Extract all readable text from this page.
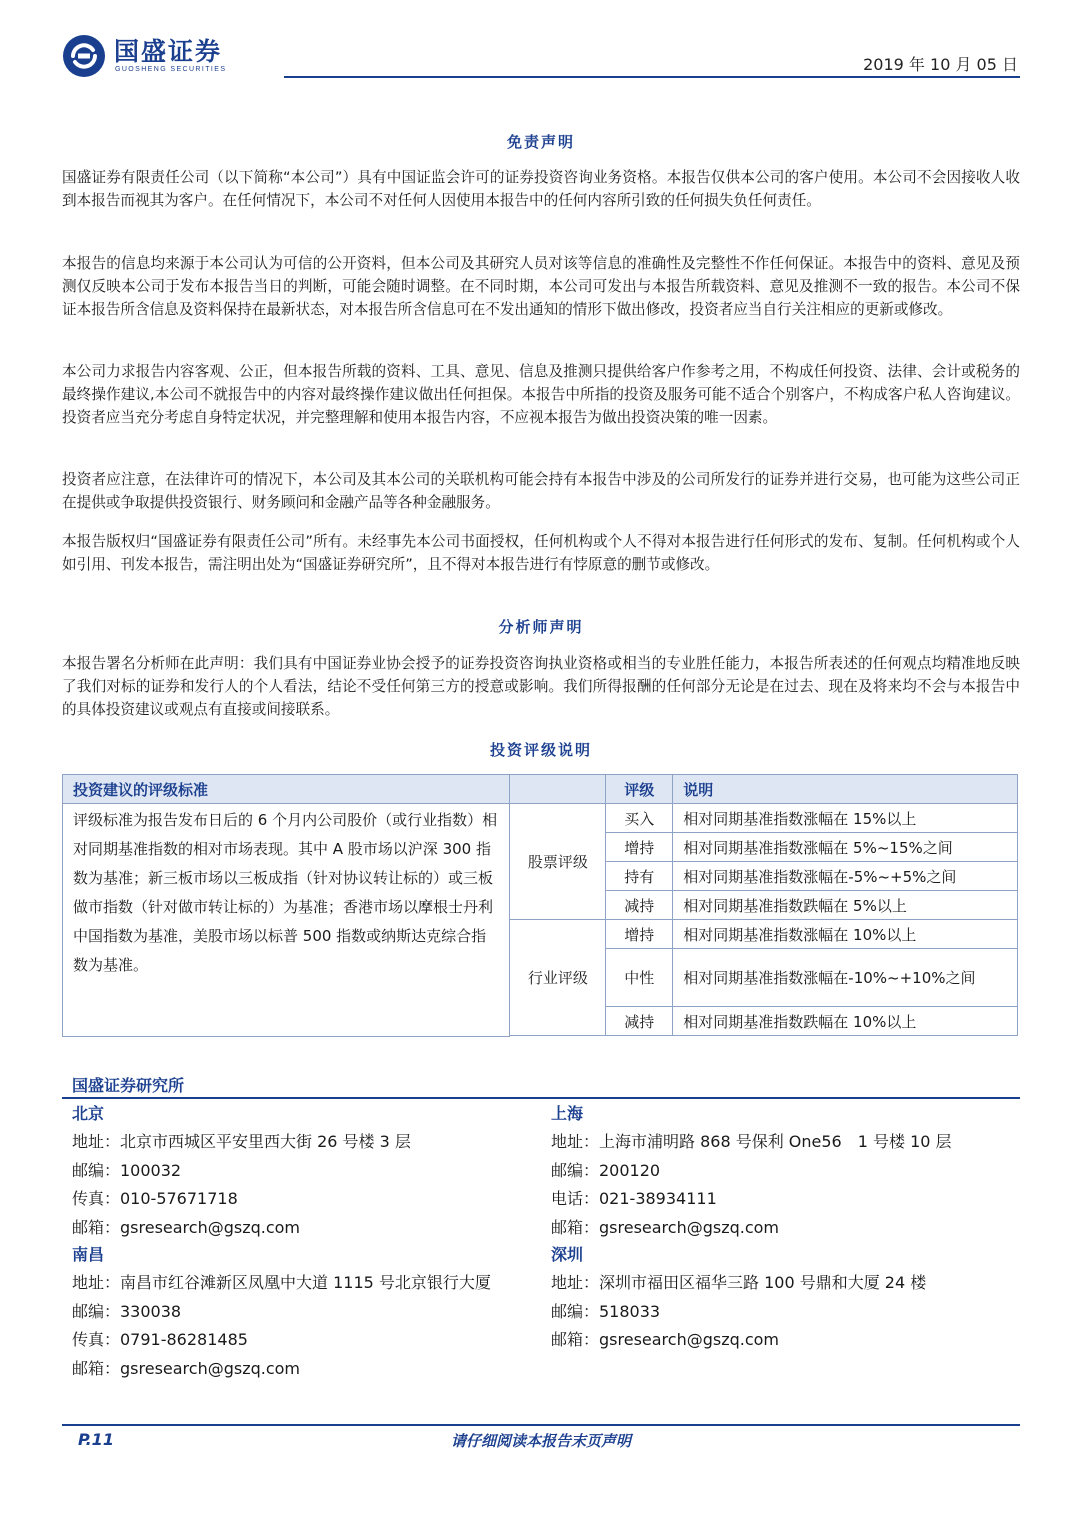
国盛证券
GUOSHENG SECURITIES	2019 年 10 月 05 日
免责声明

国盛证券有限责任公司（以下简称“本公司”）具有中国证监会许可的证券投资咨询业务资格。本报告仅供本公司的客户使用。本公司不会因接收人收到本报告而视其为客户。在任何情况下，本公司不对任何人因使用本报告中的任何内容所引致的任何损失负任何责任。

本报告的信息均来源于本公司认为可信的公开资料，但本公司及其研究人员对该等信息的准确性及完整性不作任何保证。本报告中的资料、意见及预测仅反映本公司于发布本报告当日的判断，可能会随时调整。在不同时期，本公司可发出与本报告所载资料、意见及推测不一致的报告。本公司不保证本报告所含信息及资料保持在最新状态，对本报告所含信息可在不发出通知的情形下做出修改，投资者应当自行关注相应的更新或修改。

本公司力求报告内容客观、公正，但本报告所载的资料、工具、意见、信息及推测只提供给客户作参考之用，不构成任何投资、法律、会计或税务的最终操作建议,本公司不就报告中的内容对最终操作建议做出任何担保。本报告中所指的投资及服务可能不适合个别客户，不构成客户私人咨询建议。投资者应当充分考虑自身特定状况，并完整理解和使用本报告内容，不应视本报告为做出投资决策的唯一因素。

投资者应注意，在法律许可的情况下，本公司及其本公司的关联机构可能会持有本报告中涉及的公司所发行的证券并进行交易，也可能为这些公司正在提供或争取提供投资银行、财务顾问和金融产品等各种金融服务。

本报告版权归“国盛证券有限责任公司”所有。未经事先本公司书面授权，任何机构或个人不得对本报告进行任何形式的发布、复制。任何机构或个人如引用、刊发本报告，需注明出处为“国盛证券研究所”，且不得对本报告进行有悖原意的删节或修改。

分析师声明

本报告署名分析师在此声明：我们具有中国证券业协会授予的证券投资咨询执业资格或相当的专业胜任能力，本报告所表述的任何观点均精准地反映了我们对标的证券和发行人的个人看法，结论不受任何第三方的授意或影响。我们所得报酬的任何部分无论是在过去、现在及将来均不会与本报告中的具体投资建议或观点有直接或间接联系。

投资评级说明
投资建议的评级标准		评级	说明
评级标准为报告发布日后的 6 个月内公司股价（或行业指数）相对同期基准指数的相对市场表现。其中 A 股市场以沪深 300 指数为基准；新三板市场以三板成指（针对协议转让标的）或三板做市指数（针对做市转让标的）为基准；香港市场以摩根士丹利中国指数为基准，美股市场以标普 500 指数或纳斯达克综合指数为基准。	股票评级	买入	相对同期基准指数涨幅在 15%以上
		增持	相对同期基准指数涨幅在 5%~15%之间
		持有	相对同期基准指数涨幅在-5%~+5%之间
		减持	相对同期基准指数跌幅在 5%以上
	行业评级	增持	相对同期基准指数涨幅在 10%以上
		中性	相对同期基准指数涨幅在-10%~+10%之间
		减持	相对同期基准指数跌幅在 10%以上

国盛证券研究所
北京
地址：北京市西城区平安里西大街 26 号楼 3 层
邮编：100032
传真：010-57671718
邮箱：gsresearch@gszq.com
上海
地址：上海市浦明路 868 号保利 One56　1 号楼 10 层
邮编：200120
电话：021-38934111
邮箱：gsresearch@gszq.com
南昌
地址：南昌市红谷滩新区凤凰中大道 1115 号北京银行大厦
邮编：330038
传真：0791-86281485
邮箱：gsresearch@gszq.com
深圳
地址：深圳市福田区福华三路 100 号鼎和大厦 24 楼
邮编：518033
邮箱：gsresearch@gszq.com
P.11	请仔细阅读本报告末页声明
